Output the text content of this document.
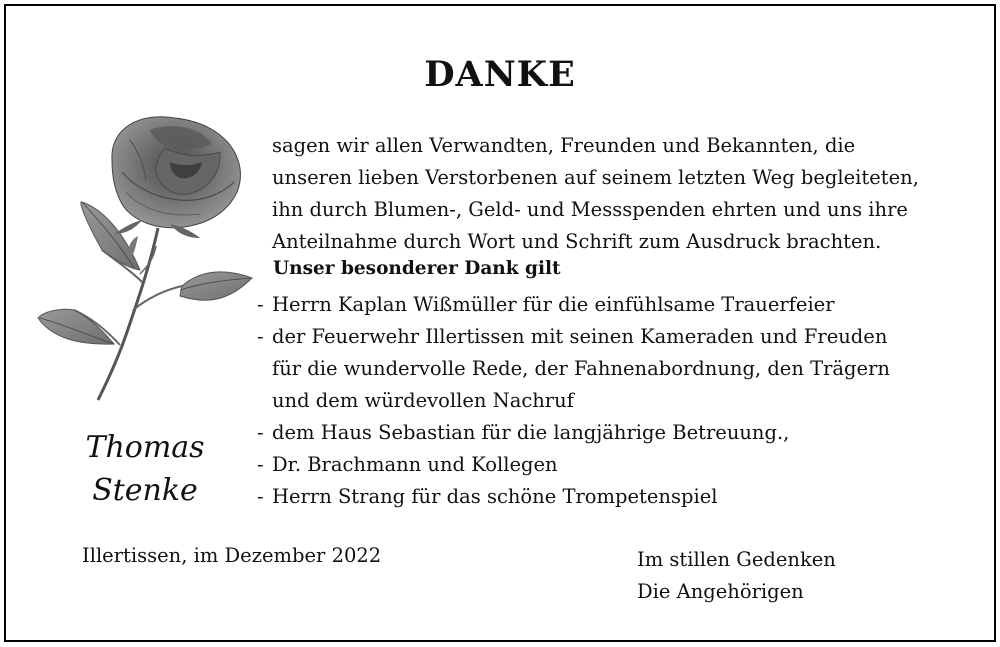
DANKE
sagen wir allen Verwandten, Freunden und Bekannten, die
unseren lieben Verstorbenen auf seinem letzten Weg begleiteten,
ihn durch Blumen-, Geld- und Messspenden ehrten und uns ihre
Anteilnahme durch Wort und Schrift zum Ausdruck brachten.
Unser besonderer Dank gilt
- Herrn Kaplan Wißmüller für die einfühlsame Trauerfeier
- der Feuerwehr Illertissen mit seinen Kameraden und Freuden
für die wundervolle Rede, der Fahnenabordnung, den Trägern
und dem würdevollen Nachruf
- dem Haus Sebastian für die langjährige Betreuung.,
- Dr. Brachmann und Kollegen
- Herrn Strang für das schöne Trompetenspiel
Thomas
Stenke
Illertissen, im Dezember 2022	Im stillen Gedenken
Die Angehörigen
